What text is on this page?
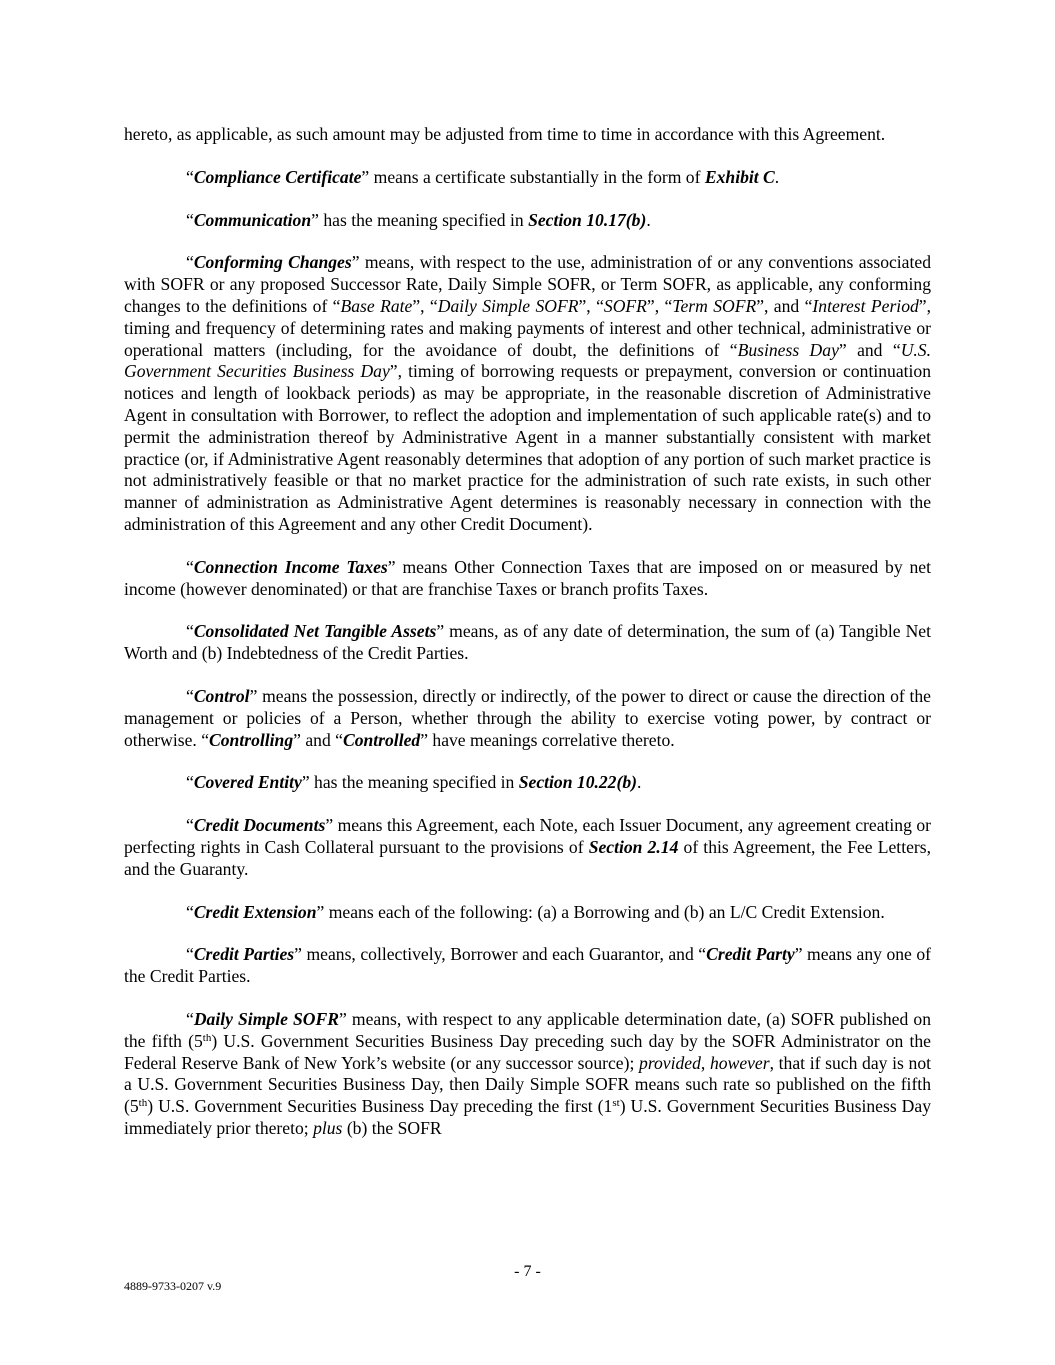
hereto, as applicable, as such amount may be adjusted from time to time in accordance with this Agreement.

“Compliance Certificate” means a certificate substantially in the form of Exhibit C.

“Communication” has the meaning specified in Section 10.17(b).

“Conforming Changes” means, with respect to the use, administration of or any conventions associated with SOFR or any proposed Successor Rate, Daily Simple SOFR, or Term SOFR, as applicable, any conforming changes to the definitions of “Base Rate”, “Daily Simple SOFR”, “SOFR”, “Term SOFR”, and “Interest Period”, timing and frequency of determining rates and making payments of interest and other technical, administrative or operational matters (including, for the avoidance of doubt, the definitions of “Business Day” and “U.S. Government Securities Business Day”, timing of borrowing requests or prepayment, conversion or continuation notices and length of lookback periods) as may be appropriate, in the reasonable discretion of Administrative Agent in consultation with Borrower, to reflect the adoption and implementation of such applicable rate(s) and to permit the administration thereof by Administrative Agent in a manner substantially consistent with market practice (or, if Administrative Agent reasonably determines that adoption of any portion of such market practice is not administratively feasible or that no market practice for the administration of such rate exists, in such other manner of administration as Administrative Agent determines is reasonably necessary in connection with the administration of this Agreement and any other Credit Document).

“Connection Income Taxes” means Other Connection Taxes that are imposed on or measured by net income (however denominated) or that are franchise Taxes or branch profits Taxes.

“Consolidated Net Tangible Assets” means, as of any date of determination, the sum of (a) Tangible Net Worth and (b) Indebtedness of the Credit Parties.

“Control” means the possession, directly or indirectly, of the power to direct or cause the direction of the management or policies of a Person, whether through the ability to exercise voting power, by contract or otherwise. “Controlling” and “Controlled” have meanings correlative thereto.

“Covered Entity” has the meaning specified in Section 10.22(b).

“Credit Documents” means this Agreement, each Note, each Issuer Document, any agreement creating or perfecting rights in Cash Collateral pursuant to the provisions of Section 2.14 of this Agreement, the Fee Letters, and the Guaranty.

“Credit Extension” means each of the following: (a) a Borrowing and (b) an L/C Credit Extension.

“Credit Parties” means, collectively, Borrower and each Guarantor, and “Credit Party” means any one of the Credit Parties.

“Daily Simple SOFR” means, with respect to any applicable determination date, (a) SOFR published on the fifth (5th) U.S. Government Securities Business Day preceding such day by the SOFR Administrator on the Federal Reserve Bank of New York’s website (or any successor source); provided, however, that if such day is not a U.S. Government Securities Business Day, then Daily Simple SOFR means such rate so published on the fifth (5th) U.S. Government Securities Business Day preceding the first (1st) U.S. Government Securities Business Day immediately prior thereto; plus (b) the SOFR

- 7 -
4889-9733-0207 v.9
